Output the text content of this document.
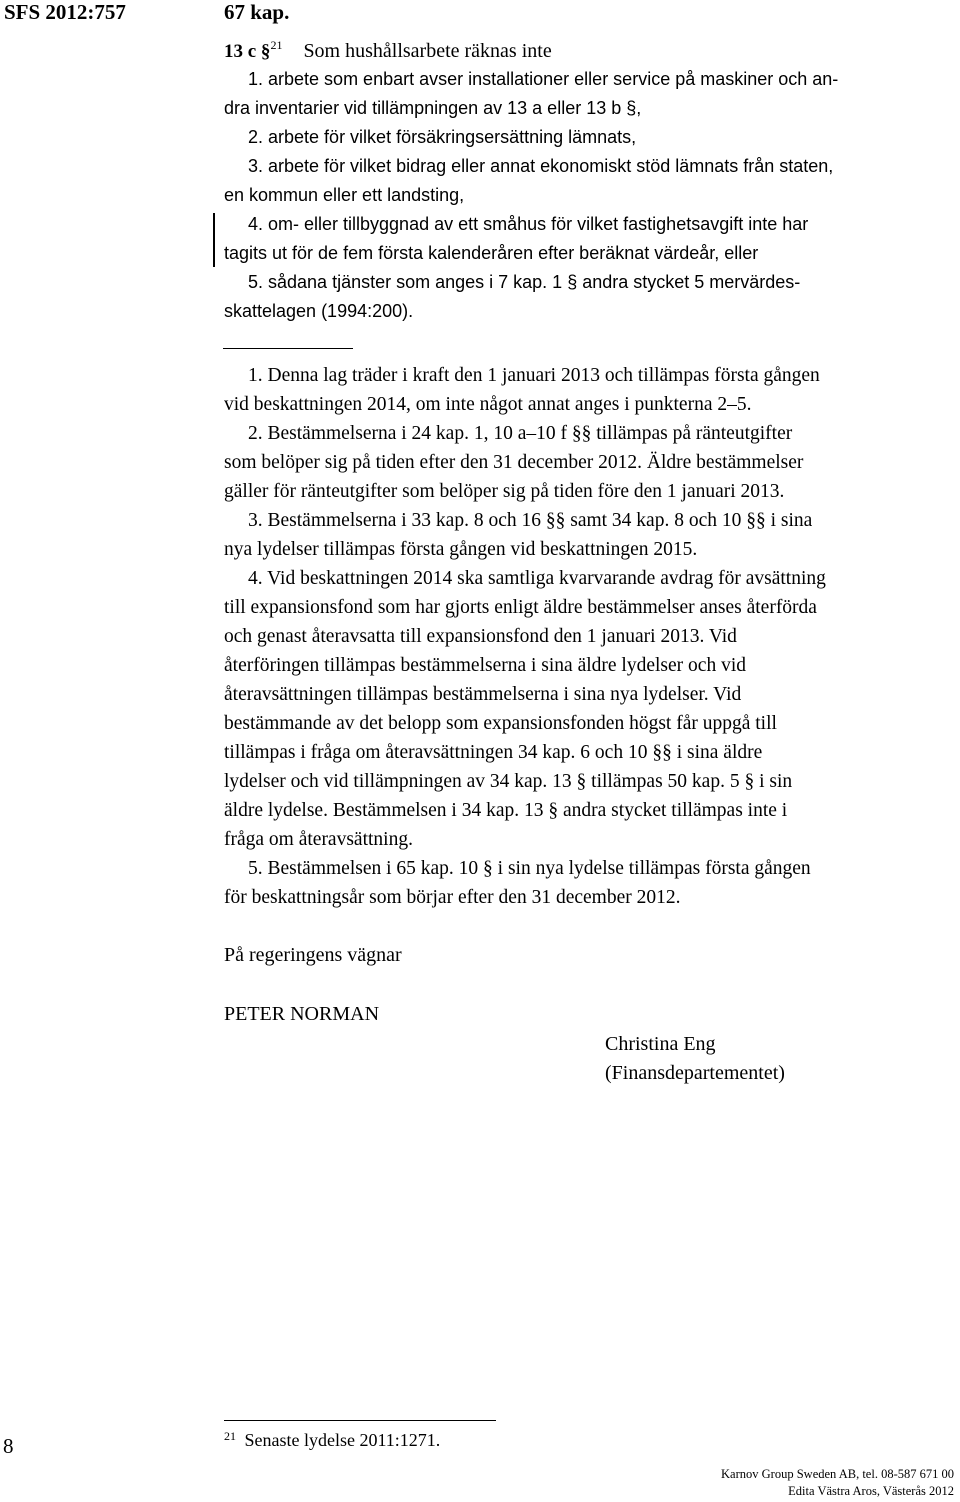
SFS 2012:757	67 kap.
13 c §$^{21}$ Som hushållsarbete räknas inte
1. arbete som enbart avser installationer eller service på maskiner och an-
dra inventarier vid tillämpningen av 13 a eller 13 b §,
2. arbete för vilket försäkringsersättning lämnats,
3. arbete för vilket bidrag eller annat ekonomiskt stöd lämnats från staten,
en kommun eller ett landsting,
4. om- eller tillbyggnad av ett småhus för vilket fastighetsavgift inte har
tagits ut för de fem första kalenderåren efter beräknat värdeår, eller
5. sådana tjänster som anges i 7 kap. 1 § andra stycket 5 mervärdes-
skattelagen (1994:200).
1. Denna lag träder i kraft den 1 januari 2013 och tillämpas första gången
vid beskattningen 2014, om inte något annat anges i punkterna 2–5.
2. Bestämmelserna i 24 kap. 1, 10 a–10 f §§ tillämpas på ränteutgifter
som belöper sig på tiden efter den 31 december 2012. Äldre bestämmelser
gäller för ränteutgifter som belöper sig på tiden före den 1 januari 2013.
3. Bestämmelserna i 33 kap. 8 och 16 §§ samt 34 kap. 8 och 10 §§ i sina
nya lydelser tillämpas första gången vid beskattningen 2015.
4. Vid beskattningen 2014 ska samtliga kvarvarande avdrag för avsättning
till expansionsfond som har gjorts enligt äldre bestämmelser anses återförda
och genast återavsatta till expansionsfond den 1 januari 2013. Vid
återföringen tillämpas bestämmelserna i sina äldre lydelser och vid
återavsättningen tillämpas bestämmelserna i sina nya lydelser. Vid
bestämmande av det belopp som expansionsfonden högst får uppgå till
tillämpas i fråga om återavsättningen 34 kap. 6 och 10 §§ i sina äldre
lydelser och vid tillämpningen av 34 kap. 13 § tillämpas 50 kap. 5 § i sin
äldre lydelse. Bestämmelsen i 34 kap. 13 § andra stycket tillämpas inte i
fråga om återavsättning.
5. Bestämmelsen i 65 kap. 10 § i sin nya lydelse tillämpas första gången
för beskattningsår som börjar efter den 31 december 2012.
På regeringens vägnar
PETER NORMAN
Christina Eng
(Finansdepartementet)
8	$^{21}$ Senaste lydelse 2011:1271.
Karnov Group Sweden AB, tel. 08-587 671 00
Edita Västra Aros, Västerås 2012
